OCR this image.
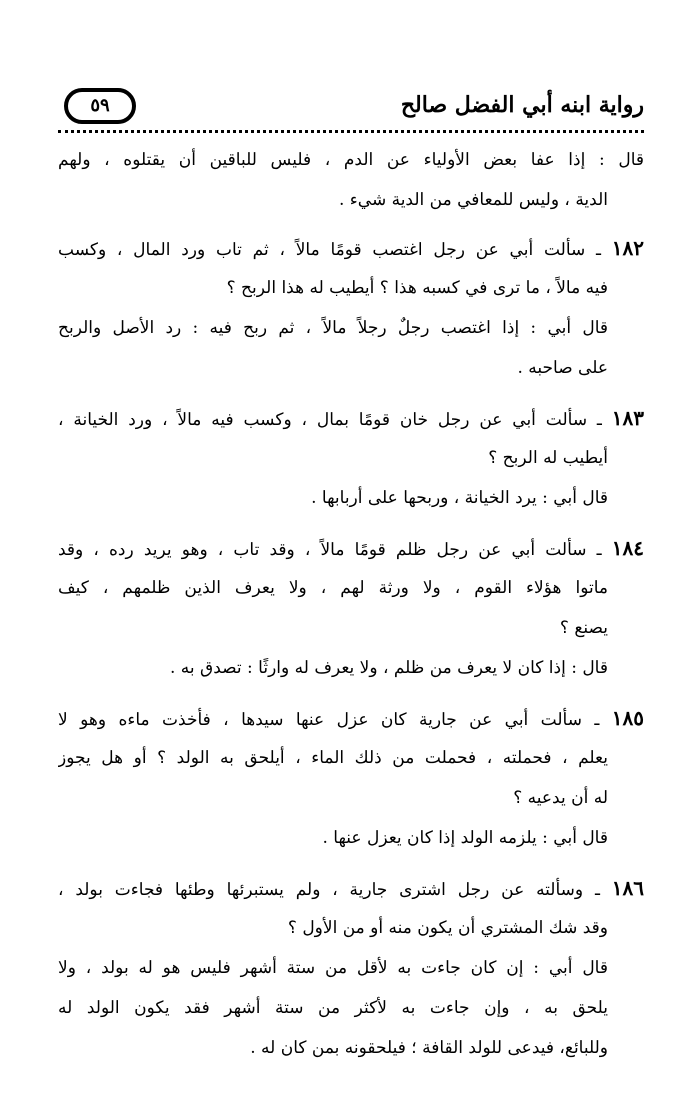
٥٩	رواية ابنه أبي الفضل صالح
قال : إذا عفا بعض الأولياء عن الدم ، فليس للباقين أن يقتلوه ، ولهم
الدية ، وليس للمعافي من الدية شيء .
١٨٢ ـ سألت أبي عن رجل اغتصب قومًا مالاً ، ثم تاب ورد المال ، وكسب
فيه مالاً ، ما ترى في كسبه هذا ؟ أيطيب له هذا الربح ؟
قال أبي : إذا اغتصب رجلٌ رجلاً مالاً ، ثم ربح فيه : رد الأصل والربح
على صاحبه .
١٨٣ ـ سألت أبي عن رجل خان قومًا بمال ، وكسب فيه مالاً ، ورد الخيانة ،
أيطيب له الربح ؟
قال أبي : يرد الخيانة ، وربحها على أربابها .
١٨٤ ـ سألت أبي عن رجل ظلم قومًا مالاً ، وقد تاب ، وهو يريد رده ، وقد
ماتوا هؤلاء القوم ، ولا ورثة لهم ، ولا يعرف الذين ظلمهم ، كيف
يصنع ؟
قال : إذا كان لا يعرف من ظلم ، ولا يعرف له وارثًا : تصدق به .
١٨٥ ـ سألت أبي عن جارية كان عزل عنها سيدها ، فأخذت ماءه وهو لا
يعلم ، فحملته ، فحملت من ذلك الماء ، أيلحق به الولد ؟ أو هل يجوز
له أن يدعيه ؟
قال أبي : يلزمه الولد إذا كان يعزل عنها .
١٨٦ ـ وسألته عن رجل اشترى جارية ، ولم يستبرئها وطئها فجاءت بولد ،
وقد شك المشتري أن يكون منه أو من الأول ؟
قال أبي : إن كان جاءت به لأقل من ستة أشهر فليس هو له بولد ، ولا
يلحق به ، وإن جاءت به لأكثر من ستة أشهر فقد يكون الولد له
وللبائع، فيدعى للولد القافة ؛ فيلحقونه بمن كان له .
